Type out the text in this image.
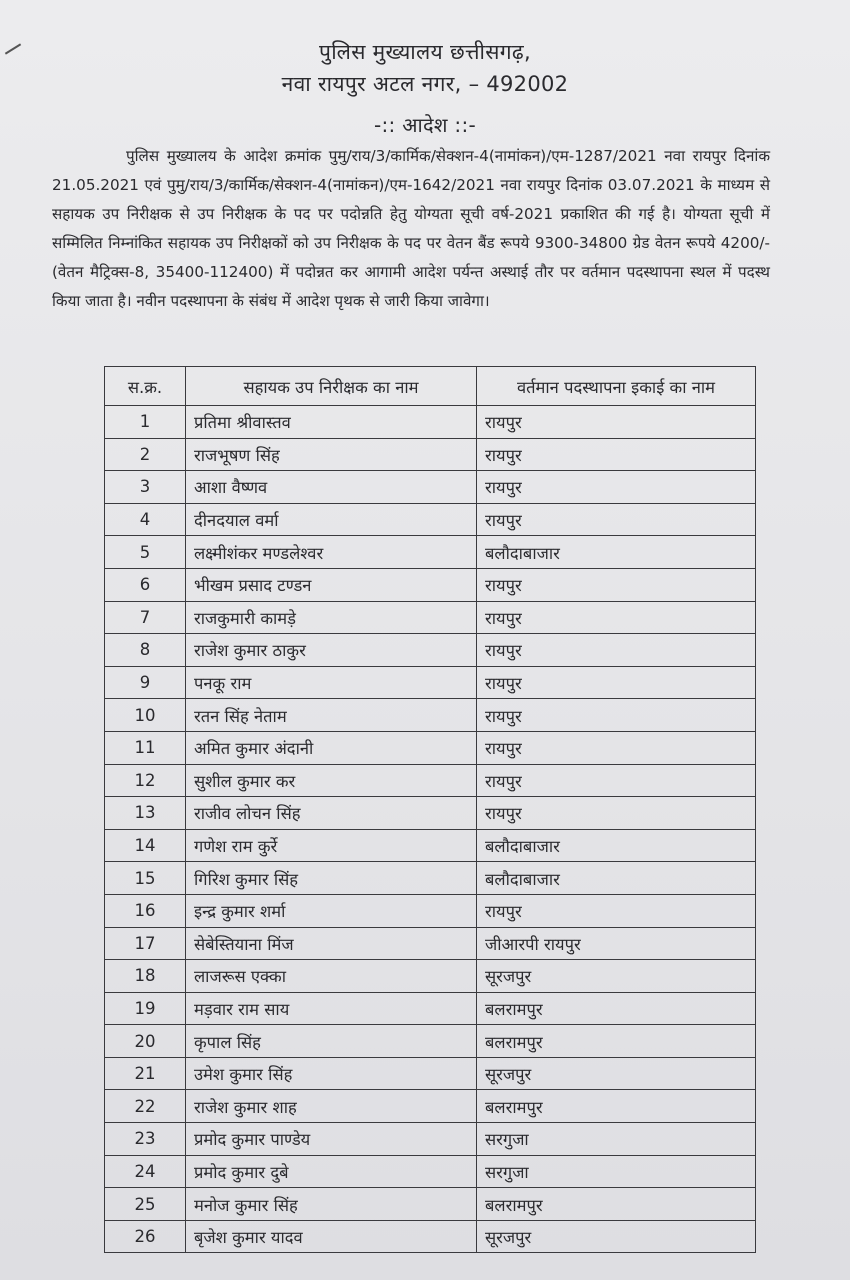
पुलिस मुख्यालय छत्तीसगढ़,
नवा रायपुर अटल नगर, – 492002
-:: आदेश ::-

पुलिस मुख्यालय के आदेश क्रमांक पुमु/राय/3/कार्मिक/सेक्शन-4(नामांकन)/एम-1287/2021 नवा रायपुर दिनांक 21.05.2021 एवं पुमु/राय/3/कार्मिक/सेक्शन-4(नामांकन)/एम-1642/2021 नवा रायपुर दिनांक 03.07.2021 के माध्यम से सहायक उप निरीक्षक से उप निरीक्षक के पद पर पदोन्नति हेतु योग्यता सूची वर्ष-2021 प्रकाशित की गई है। योग्यता सूची में सम्मिलित निम्नांकित सहायक उप निरीक्षकों को उप निरीक्षक के पद पर वेतन बैंड रूपये 9300-34800 ग्रेड वेतन रूपये 4200/- (वेतन मैट्रिक्स-8, 35400-112400) में पदोन्नत कर आगामी आदेश पर्यन्त अस्थाई तौर पर वर्तमान पदस्थापना स्थल में पदस्थ किया जाता है। नवीन पदस्थापना के संबंध में आदेश पृथक से जारी किया जावेगा।

स.क्र.	सहायक उप निरीक्षक का नाम	वर्तमान पदस्थापना इकाई का नाम
1	प्रतिमा श्रीवास्तव	रायपुर
2	राजभूषण सिंह	रायपुर
3	आशा वैष्णव	रायपुर
4	दीनदयाल वर्मा	रायपुर
5	लक्ष्मीशंकर मण्डलेश्वर	बलौदाबाजार
6	भीखम प्रसाद टण्डन	रायपुर
7	राजकुमारी कामड़े	रायपुर
8	राजेश कुमार ठाकुर	रायपुर
9	पनकू राम	रायपुर
10	रतन सिंह नेताम	रायपुर
11	अमित कुमार अंदानी	रायपुर
12	सुशील कुमार कर	रायपुर
13	राजीव लोचन सिंह	रायपुर
14	गणेश राम कुर्रे	बलौदाबाजार
15	गिरिश कुमार सिंह	बलौदाबाजार
16	इन्द्र कुमार शर्मा	रायपुर
17	सेबेस्तियाना मिंज	जीआरपी रायपुर
18	लाजरूस एक्का	सूरजपुर
19	मड़वार राम साय	बलरामपुर
20	कृपाल सिंह	बलरामपुर
21	उमेश कुमार सिंह	सूरजपुर
22	राजेश कुमार शाह	बलरामपुर
23	प्रमोद कुमार पाण्डेय	सरगुजा
24	प्रमोद कुमार दुबे	सरगुजा
25	मनोज कुमार सिंह	बलरामपुर
26	बृजेश कुमार यादव	सूरजपुर
